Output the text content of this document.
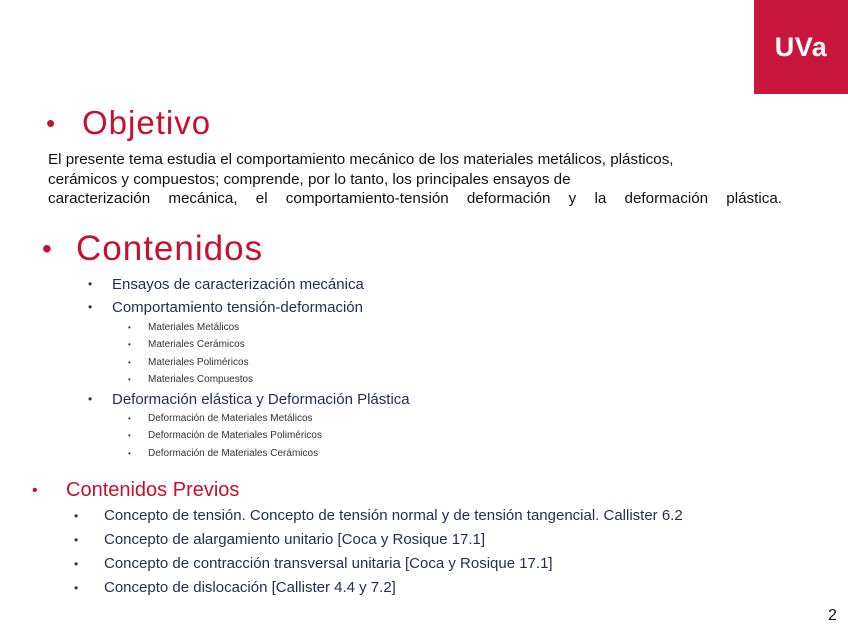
UVa
• Objetivo
El presente tema estudia el comportamiento mecánico de los materiales metálicos, plásticos,
cerámicos y compuestos; comprende, por lo tanto, los principales ensayos de
caracterización mecánica, el comportamiento-tensión deformación y la deformación plástica.
• Contenidos
• Ensayos de caracterización mecánica
• Comportamiento tensión-deformación
• Materiales Metálicos
• Materiales Cerámicos
• Materiales Poliméricos
• Materiales Compuestos
• Deformación elástica y Deformación Plástica
• Deformación de Materiales Metálicos
• Deformación de Materiales Poliméricos
• Deformación de Materiales Cerámicos
•	Contenidos Previos
• Concepto de tensión. Concepto de tensión normal y de tensión tangencial. Callister 6.2
• Concepto de alargamiento unitario [Coca y Rosique 17.1]
• Concepto de contracción transversal unitaria [Coca y Rosique 17.1]
• Concepto de dislocación [Callister 4.4 y 7.2]
2
